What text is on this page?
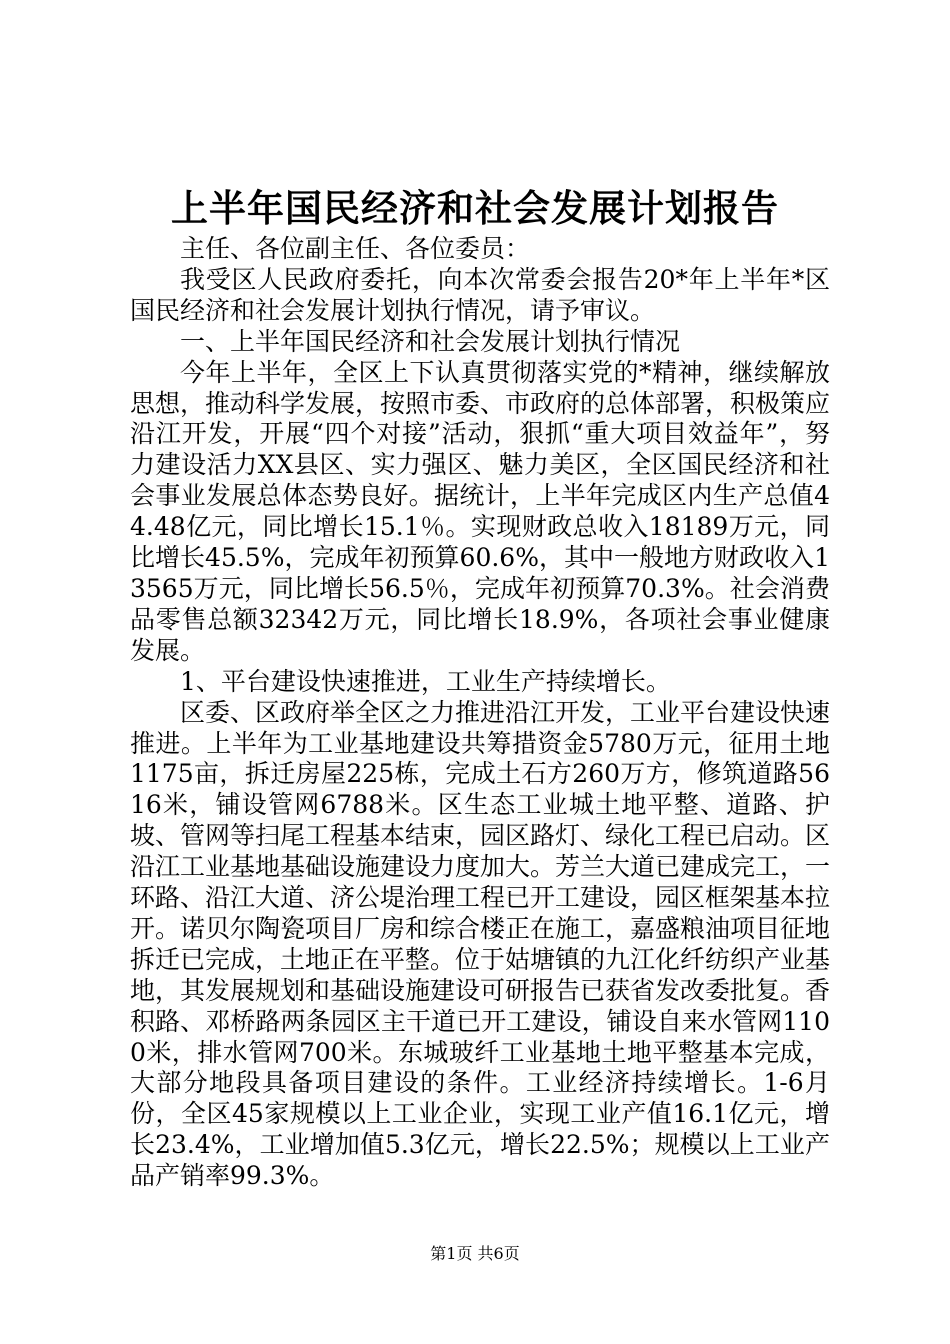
上半年国民经济和社会发展计划报告

主任、各位副主任、各位委员：

我受区人民政府委托，向本次常委会报告20*年上半年*区国民经济和社会发展计划执行情况，请予审议。

一、上半年国民经济和社会发展计划执行情况

今年上半年，全区上下认真贯彻落实党的*精神，继续解放思想，推动科学发展，按照市委、市政府的总体部署，积极策应沿江开发，开展“四个对接”活动，狠抓“重大项目效益年”，努力建设活力XX县区、实力强区、魅力美区，全区国民经济和社会事业发展总体态势良好。据统计，上半年完成区内生产总值44.48亿元，同比增长15.1％。实现财政总收入18189万元，同比增长45.5%，完成年初预算60.6%，其中一般地方财政收入13565万元，同比增长56.5％，完成年初预算70.3%。社会消费品零售总额32342万元，同比增长18.9%，各项社会事业健康发展。

1、平台建设快速推进，工业生产持续增长。

区委、区政府举全区之力推进沿江开发，工业平台建设快速推进。上半年为工业基地建设共筹措资金5780万元，征用土地1175亩，拆迁房屋225栋，完成土石方260万方，修筑道路5616米，铺设管网6788米。区生态工业城土地平整、道路、护坡、管网等扫尾工程基本结束，园区路灯、绿化工程已启动。区沿江工业基地基础设施建设力度加大。芳兰大道已建成完工，一环路、沿江大道、济公堤治理工程已开工建设，园区框架基本拉开。诺贝尔陶瓷项目厂房和综合楼正在施工，嘉盛粮油项目征地拆迁已完成，土地正在平整。位于姑塘镇的九江化纤纺织产业基地，其发展规划和基础设施建设可研报告已获省发改委批复。香积路、邓桥路两条园区主干道已开工建设，铺设自来水管网1100米，排水管网700米。东城玻纤工业基地土地平整基本完成，大部分地段具备项目建设的条件。工业经济持续增长。1-6月份，全区45家规模以上工业企业，实现工业产值16.1亿元，增长23.4%，工业增加值5.3亿元，增长22.5%；规模以上工业产品产销率99.3%。

第1页 共6页
